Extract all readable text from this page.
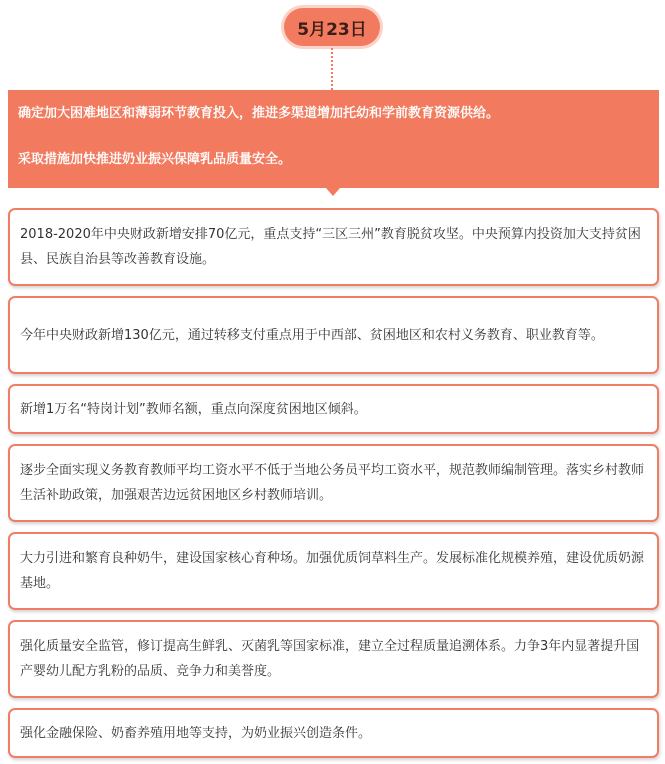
5月23日
确定加大困难地区和薄弱环节教育投入，推进多渠道增加托幼和学前教育资源供给。
采取措施加快推进奶业振兴保障乳品质量安全。
2018-2020年中央财政新增安排70亿元，重点支持“三区三州”教育脱贫攻坚。中央预算内投资加大支持贫困县、民族自治县等改善教育设施。
今年中央财政新增130亿元，通过转移支付重点用于中西部、贫困地区和农村义务教育、职业教育等。
新增1万名“特岗计划”教师名额，重点向深度贫困地区倾斜。
逐步全面实现义务教育教师平均工资水平不低于当地公务员平均工资水平，规范教师编制管理。落实乡村教师生活补助政策，加强艰苦边远贫困地区乡村教师培训。
大力引进和繁育良种奶牛，建设国家核心育种场。加强优质饲草料生产。发展标准化规模养殖，建设优质奶源基地。
强化质量安全监管，修订提高生鲜乳、灭菌乳等国家标准，建立全过程质量追溯体系。力争3年内显著提升国产婴幼儿配方乳粉的品质、竞争力和美誉度。
强化金融保险、奶畜养殖用地等支持，为奶业振兴创造条件。
